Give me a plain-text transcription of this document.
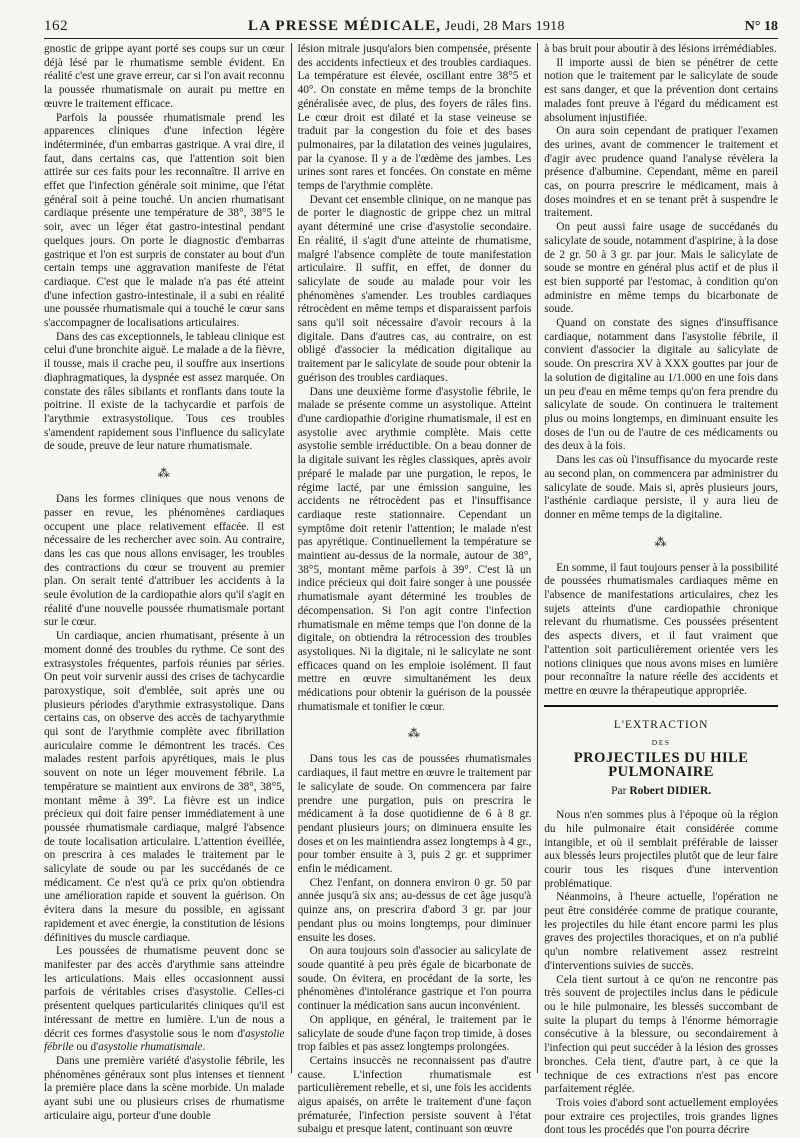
162	LA PRESSE MÉDICALE, Jeudi, 28 Mars 1918	N° 18

gnostic de grippe ayant porté ses coups sur un cœur déjà lésé par le rhumatisme semble évident. En réalité c'est une grave erreur, car si l'on avait reconnu la poussée rhumatismale on aurait pu mettre en œuvre le traitement efficace.

Parfois la poussée rhumatismale prend les apparences cliniques d'une infection légère indéterminée, d'un embarras gastrique. A vrai dire, il faut, dans certains cas, que l'attention soit bien attirée sur ces faits pour les reconnaître. Il arrive en effet que l'infection générale soit minime, que l'état général soit à peine touché. Un ancien rhumatisant cardiaque présente une température de 38°, 38°5 le soir, avec un léger état gastro-intestinal pendant quelques jours. On porte le diagnostic d'embarras gastrique et l'on est surpris de constater au bout d'un certain temps une aggravation manifeste de l'état cardiaque. C'est que le malade n'a pas été atteint d'une infection gastro-intestinale, il a subi en réalité une poussée rhumatismale qui a touché le cœur sans s'accompagner de localisations articulaires.

Dans des cas exceptionnels, le tableau clinique est celui d'une bronchite aiguë. Le malade a de la fièvre, il tousse, mais il crache peu, il souffre aux insertions diaphragmatiques, la dyspnée est assez marquée. On constate des râles sibilants et ronflants dans toute la poitrine. Il existe de la tachycardie et parfois de l'arythmie extrasystolique. Tous ces troubles s'amendent rapidement sous l'influence du salicylate de soude, preuve de leur nature rhumatismale.

⁂

Dans les formes cliniques que nous venons de passer en revue, les phénomènes cardiaques occupent une place relativement effacée. Il est nécessaire de les rechercher avec soin. Au contraire, dans les cas que nous allons envisager, les troubles des contractions du cœur se trouvent au premier plan. On serait tenté d'attribuer les accidents à la seule évolution de la cardiopathie alors qu'il s'agit en réalité d'une nouvelle poussée rhumatismale portant sur le cœur.

Un cardiaque, ancien rhumatisant, présente à un moment donné des troubles du rythme. Ce sont des extrasystoles fréquentes, parfois réunies par séries. On peut voir survenir aussi des crises de tachycardie paroxystique, soit d'emblée, soit après une ou plusieurs périodes d'arythmie extrasystolique. Dans certains cas, on observe des accès de tachyarythmie qui sont de l'arythmie complète avec fibrillation auriculaire comme le démontrent les tracés. Ces malades restent parfois apyrétiques, mais le plus souvent on note un léger mouvement fébrile. La température se maintient aux environs de 38°, 38°5, montant même à 39°. La fièvre est un indice précieux qui doit faire penser immédiatement à une poussée rhumatismale cardiaque, malgré l'absence de toute localisation articulaire. L'attention éveillée, on prescrira à ces malades le traitement par le salicylate de soude ou par les succédanés de ce médicament. Ce n'est qu'à ce prix qu'on obtiendra une amélioration rapide et souvent la guérison. On évitera dans la mesure du possible, en agissant rapidement et avec énergie, la constitution de lésions définitives du muscle cardiaque.

Les poussées de rhumatisme peuvent donc se manifester par des accès d'arythmie sans atteindre les articulations. Mais elles occasionnent aussi parfois de véritables crises d'asystolie. Celles-ci présentent quelques particularités cliniques qu'il est intéressant de mettre en lumière. L'un de nous a décrit ces formes d'asystolie sous le nom d'asystolie fébrile ou d'asystolie rhumatismale.

Dans une première variété d'asystolie fébrile, les phénomènes généraux sont plus intenses et tiennent la première place dans la scène morbide. Un malade ayant subi une ou plusieurs crises de rhumatisme articulaire aigu, porteur d'une double

lésion mitrale jusqu'alors bien compensée, présente des accidents infectieux et des troubles cardiaques. La température est élevée, oscillant entre 38°5 et 40°. On constate en même temps de la bronchite généralisée avec, de plus, des foyers de râles fins. Le cœur droit est dilaté et la stase veineuse se traduit par la congestion du foie et des bases pulmonaires, par la dilatation des veines jugulaires, par la cyanose. Il y a de l'œdème des jambes. Les urines sont rares et foncées. On constate en même temps de l'arythmie complète.

Devant cet ensemble clinique, on ne manque pas de porter le diagnostic de grippe chez un mitral ayant déterminé une crise d'asystolie secondaire. En réalité, il s'agit d'une atteinte de rhumatisme, malgré l'absence complète de toute manifestation articulaire. Il suffit, en effet, de donner du salicylate de soude au malade pour voir les phénomènes s'amender. Les troubles cardiaques rétrocèdent en même temps et disparaissent parfois sans qu'il soit nécessaire d'avoir recours à la digitale. Dans d'autres cas, au contraire, on est obligé d'associer la médication digitalique au traitement par le salicylate de soude pour obtenir la guérison des troubles cardiaques.

Dans une deuxième forme d'asystolie fébrile, le malade se présente comme un asystolique. Atteint d'une cardiopathie d'origine rhumatismale, il est en asystolie avec arythmie complète. Mais cette asystolie semble irréductible. On a beau donner de la digitale suivant les règles classiques, après avoir préparé le malade par une purgation, le repos, le régime lacté, par une émission sanguine, les accidents ne rétrocèdent pas et l'insuffisance cardiaque reste stationnaire. Cependant un symptôme doit retenir l'attention; le malade n'est pas apyrétique. Continuellement la température se maintient au-dessus de la normale, autour de 38°, 38°5, montant même parfois à 39°. C'est là un indice précieux qui doit faire songer à une poussée rhumatismale ayant déterminé les troubles de décompensation. Si l'on agit contre l'infection rhumatismale en même temps que l'on donne de la digitale, on obtiendra la rétrocession des troubles asystoliques. Ni la digitale, ni le salicylate ne sont efficaces quand on les emploie isolément. Il faut mettre en œuvre simultanément les deux médications pour obtenir la guérison de la poussée rhumatismale et tonifier le cœur.

⁂

Dans tous les cas de poussées rhumatismales cardiaques, il faut mettre en œuvre le traitement par le salicylate de soude. On commencera par faire prendre une purgation, puis on prescrira le médicament à la dose quotidienne de 6 à 8 gr. pendant plusieurs jours; on diminuera ensuite les doses et on les maintiendra assez longtemps à 4 gr., pour tomber ensuite à 3, puis 2 gr. et supprimer enfin le médicament.

Chez l'enfant, on donnera environ 0 gr. 50 par année jusqu'à six ans; au-dessus de cet âge jusqu'à quinze ans, on prescrira d'abord 3 gr. par jour pendant plus ou moins longtemps, pour diminuer ensuite les doses.

On aura toujours soin d'associer au salicylate de soude quantité à peu près égale de bicarbonate de soude. On évitera, en procédant de la sorte, les phénomènes d'intolérance gastrique et l'on pourra continuer la médication sans aucun inconvénient.

On applique, en général, le traitement par le salicylate de soude d'une façon trop timide, à doses trop faibles et pas assez longtemps prolongées.

Certains insuccès ne reconnaissent pas d'autre cause. L'infection rhumatismale est particulièrement rebelle, et si, une fois les accidents aigus apaisés, on arrête le traitement d'une façon prématurée, l'infection persiste souvent à l'état subaigu et presque latent, continuant son œuvre

à bas bruit pour aboutir à des lésions irrémédiables.

Il importe aussi de bien se pénétrer de cette notion que le traitement par le salicylate de soude est sans danger, et que la prévention dont certains malades font preuve à l'égard du médicament est absolument injustifiée.

On aura soin cependant de pratiquer l'examen des urines, avant de commencer le traitement et d'agir avec prudence quand l'analyse révèlera la présence d'albumine. Cependant, même en pareil cas, on pourra prescrire le médicament, mais à doses moindres et en se tenant prêt à suspendre le traitement.

On peut aussi faire usage de succédanés du salicylate de soude, notamment d'aspirine, à la dose de 2 gr. 50 à 3 gr. par jour. Mais le salicylate de soude se montre en général plus actif et de plus il est bien supporté par l'estomac, à condition qu'on administre en même temps du bicarbonate de soude.

Quand on constate des signes d'insuffisance cardiaque, notamment dans l'asystolie fébrile, il convient d'associer la digitale au salicylate de soude. On prescrira XV à XXX gouttes par jour de la solution de digitaline au 1/1.000 en une fois dans un peu d'eau en même temps qu'on fera prendre du salicylate de soude. On continuera le traitement plus ou moins longtemps, en diminuant ensuite les doses de l'un ou de l'autre de ces médicaments ou des deux à la fois.

Dans les cas où l'insuffisance du myocarde reste au second plan, on commencera par administrer du salicylate de soude. Mais si, après plusieurs jours, l'asthénie cardiaque persiste, il y aura lieu de donner en même temps de la digitaline.

⁂

En somme, il faut toujours penser à la possibilité de poussées rhumatismales cardiaques même en l'absence de manifestations articulaires, chez les sujets atteints d'une cardiopathie chronique relevant du rhumatisme. Ces poussées présentent des aspects divers, et il faut vraiment que l'attention soit particulièrement orientée vers les notions cliniques que nous avons mises en lumière pour reconnaître la nature réelle des accidents et mettre en œuvre la thérapeutique appropriée.

L'EXTRACTION
DES
PROJECTILES DU HILE PULMONAIRE
Par Robert DIDIER.

Nous n'en sommes plus à l'époque où la région du hile pulmonaire était considérée comme intangible, et où il semblait préférable de laisser aux blessés leurs projectiles plutôt que de leur faire courir tous les risques d'une intervention problématique.

Néanmoins, à l'heure actuelle, l'opération ne peut être considérée comme de pratique courante, les projectiles du hile étant encore parmi les plus graves des projectiles thoraciques, et on n'a publié qu'un nombre relativement assez restreint d'interventions suivies de succès.

Cela tient surtout à ce qu'on ne rencontre pas très souvent de projectiles inclus dans le pédicule ou le hile pulmonaire, les blessés succombant de suite la plupart du temps à l'énorme hémorragie consécutive à la blessure, ou secondairement à l'infection qui peut succéder à la lésion des grosses bronches. Cela tient, d'autre part, à ce que la technique de ces extractions n'est pas encore parfaitement réglée.

Trois voies d'abord sont actuellement employées pour extraire ces projectiles, trois grandes lignes dont tous les procédés que l'on pourra décrire
